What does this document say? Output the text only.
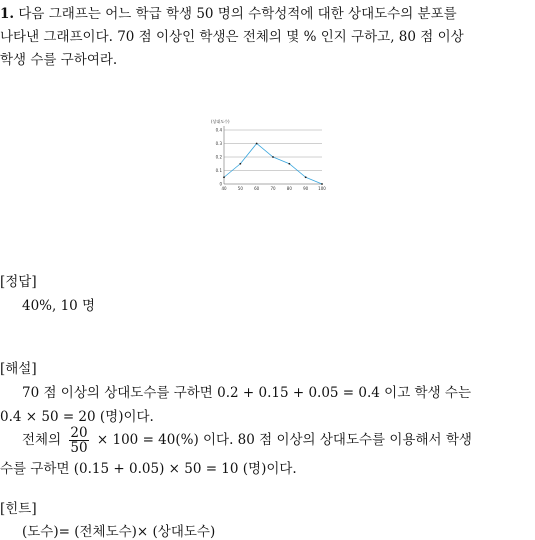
1. 다음 그래프는 어느 학급 학생 50 명의 수학성적에 대한 상대도수의 분포를
나타낸 그래프이다. 70 점 이상인 학생은 전체의 몇 % 인지 구하고, 80 점 이상
학생 수를 구하여라.
(상대도수)
0.4
0.3
0.2
0.1
0
40	50	60	70	80	90 100
[정답]
40%, 10 명
[해설]
70 점 이상의 상대도수를 구하면 0.2 + 0.15 + 0.05 = 0.4 이고 학생 수는
0.4 × 50 = 20 (명)이다.
전체의 $\frac{20}{50} \times 100 = 40(\%)$ 이다. 80 점 이상의 상대도수를 이용해서 학생
수를 구하면 (0.15 + 0.05) × 50 = 10 (명)이다.
[힌트]
(도수)= (전체도수)× (상대도수)
